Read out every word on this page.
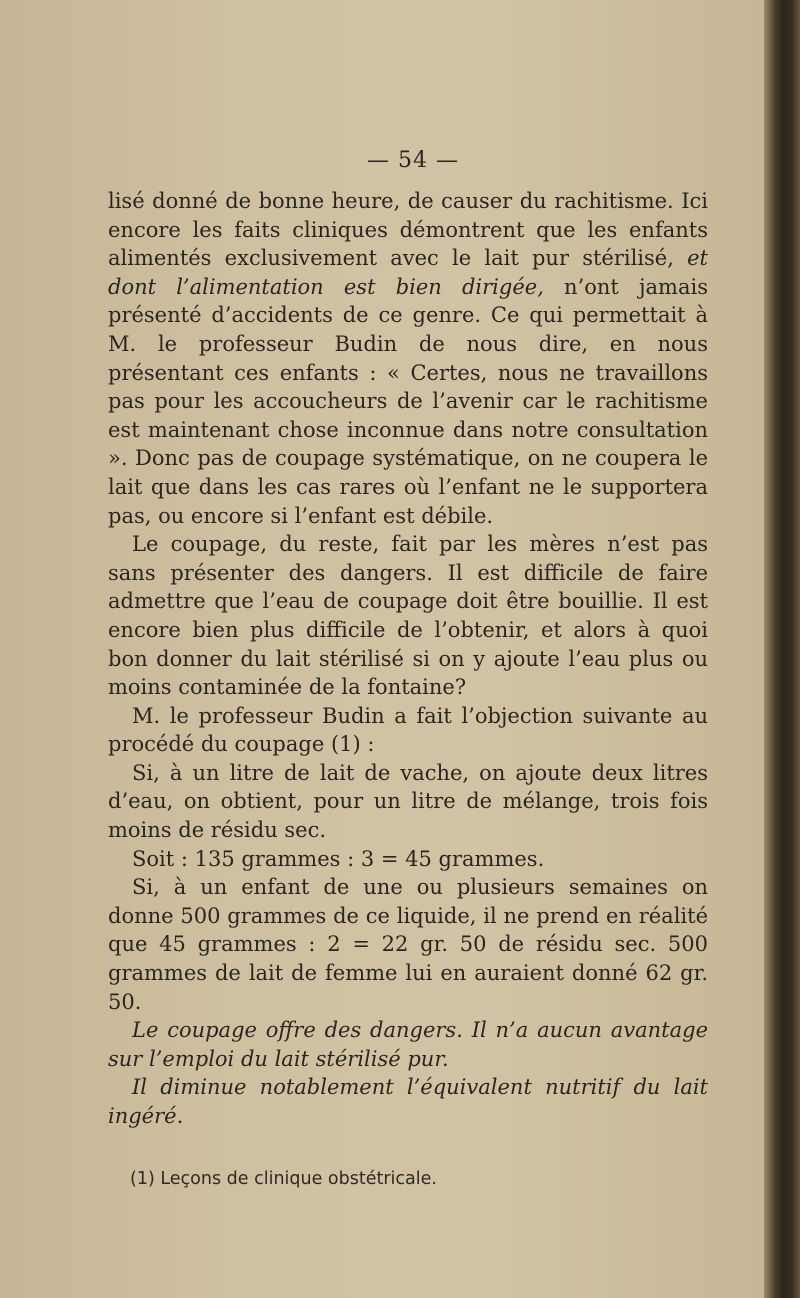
— 54 —

lisé donné de bonne heure, de causer du rachitisme. Ici encore les faits cliniques démontrent que les enfants alimentés exclusivement avec le lait pur stérilisé, et dont l’alimentation est bien dirigée, n’ont jamais présenté d’accidents de ce genre. Ce qui permettait à M. le professeur Budin de nous dire, en nous présentant ces enfants : « Certes, nous ne travaillons pas pour les accoucheurs de l’avenir car le rachitisme est maintenant chose inconnue dans notre consultation ». Donc pas de coupage systématique, on ne coupera le lait que dans les cas rares où l’enfant ne le supportera pas, ou encore si l’enfant est débile.

Le coupage, du reste, fait par les mères n’est pas sans présenter des dangers. Il est difficile de faire admettre que l’eau de coupage doit être bouillie. Il est encore bien plus difficile de l’obtenir, et alors à quoi bon donner du lait stérilisé si on y ajoute l’eau plus ou moins contaminée de la fontaine?

M. le professeur Budin a fait l’objection suivante au procédé du coupage (1) :

Si, à un litre de lait de vache, on ajoute deux litres d’eau, on obtient, pour un litre de mélange, trois fois moins de résidu sec.

Soit : 135 grammes : 3 = 45 grammes.

Si, à un enfant de une ou plusieurs semaines on donne 500 grammes de ce liquide, il ne prend en réalité que 45 grammes : 2 = 22 gr. 50 de résidu sec. 500 grammes de lait de femme lui en auraient donné 62 gr. 50.

Le coupage offre des dangers. Il n’a aucun avantage sur l’emploi du lait stérilisé pur.

Il diminue notablement l’équivalent nutritif du lait ingéré.

(1) Leçons de clinique obstétricale.
